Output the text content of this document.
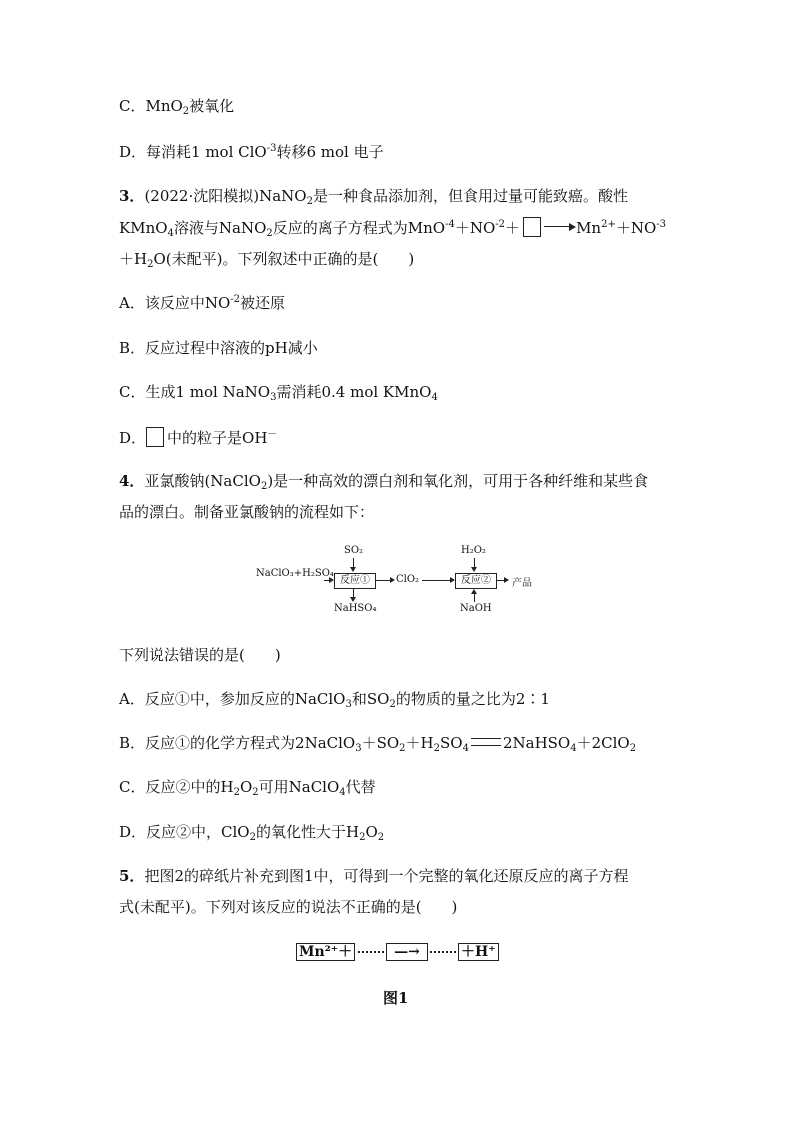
C．MnO$_2$被氧化
D．每消耗1 mol ClO$^{-3}$转移6 mol 电子
3．(2022·沈阳模拟)NaNO$_2$是一种食品添加剂，但食用过量可能致癌。酸性
KMnO$_4$溶液与NaNO$_2$反应的离子方程式为$MnO^{-4}+NO^{-2}+$	$Mn^{2+}+NO^{-3}$
$+H_2O$(未配平)。下列叙述中正确的是(　　)
A．该反应中$NO^{-2}$被还原
B．反应过程中溶液的pH减小
C．生成1 mol NaNO$_3$需消耗0.4 mol KMnO$_4$
D． 中的粒子是OH－
4．亚氯酸钠(NaClO$_2$)是一种高效的漂白剂和氧化剂，可用于各种纤维和某些食
品的漂白。制备亚氯酸钠的流程如下：
NaClO₃+H₂SO₄
SO₂
反应①
NaHSO₄
ClO₂
H₂O₂
反应②
NaOH
产品
下列说法错误的是(　　)
A．反应①中，参加反应的NaClO$_3$和$SO_2$的物质的量之比为2∶1
B．反应①的化学方程式为$2NaClO_3+SO_2+H_2SO_4$ 2NaHSO$_4$＋2ClO$_2$
C．反应②中的$H_2O_2$可用NaClO$_4$代替
D．反应②中，ClO$_2$的氧化性大于$H_2O_2$
5．把图2的碎纸片补充到图1中，可得到一个完整的氧化还原反应的离子方程
式(未配平)。下列对该反应的说法不正确的是(　　)
Mn²⁺＋	—→	＋H⁺
图1
